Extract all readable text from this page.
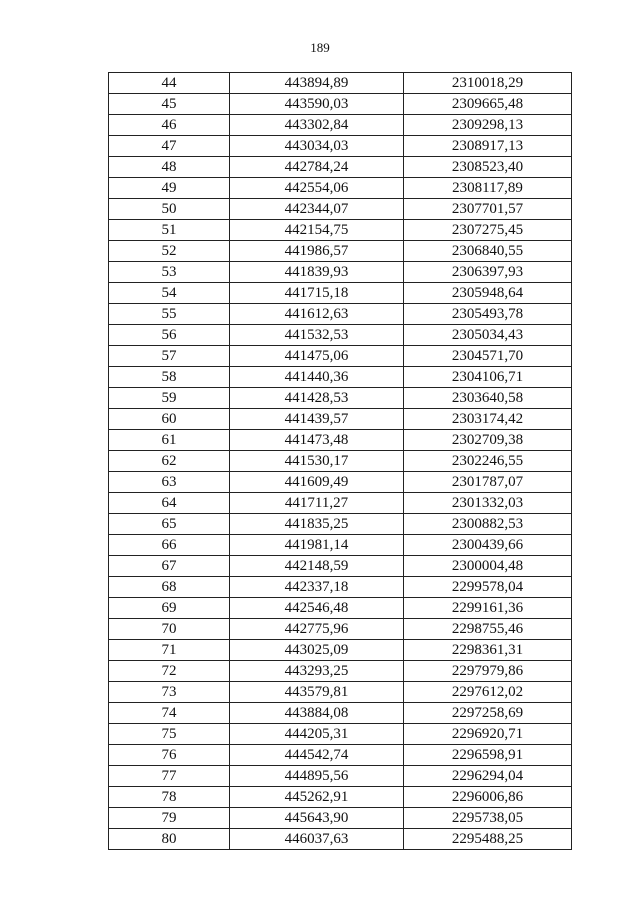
189
44	443894,89	2310018,29
45	443590,03	2309665,48
46	443302,84	2309298,13
47	443034,03	2308917,13
48	442784,24	2308523,40
49	442554,06	2308117,89
50	442344,07	2307701,57
51	442154,75	2307275,45
52	441986,57	2306840,55
53	441839,93	2306397,93
54	441715,18	2305948,64
55	441612,63	2305493,78
56	441532,53	2305034,43
57	441475,06	2304571,70
58	441440,36	2304106,71
59	441428,53	2303640,58
60	441439,57	2303174,42
61	441473,48	2302709,38
62	441530,17	2302246,55
63	441609,49	2301787,07
64	441711,27	2301332,03
65	441835,25	2300882,53
66	441981,14	2300439,66
67	442148,59	2300004,48
68	442337,18	2299578,04
69	442546,48	2299161,36
70	442775,96	2298755,46
71	443025,09	2298361,31
72	443293,25	2297979,86
73	443579,81	2297612,02
74	443884,08	2297258,69
75	444205,31	2296920,71
76	444542,74	2296598,91
77	444895,56	2296294,04
78	445262,91	2296006,86
79	445643,90	2295738,05
80	446037,63	2295488,25
